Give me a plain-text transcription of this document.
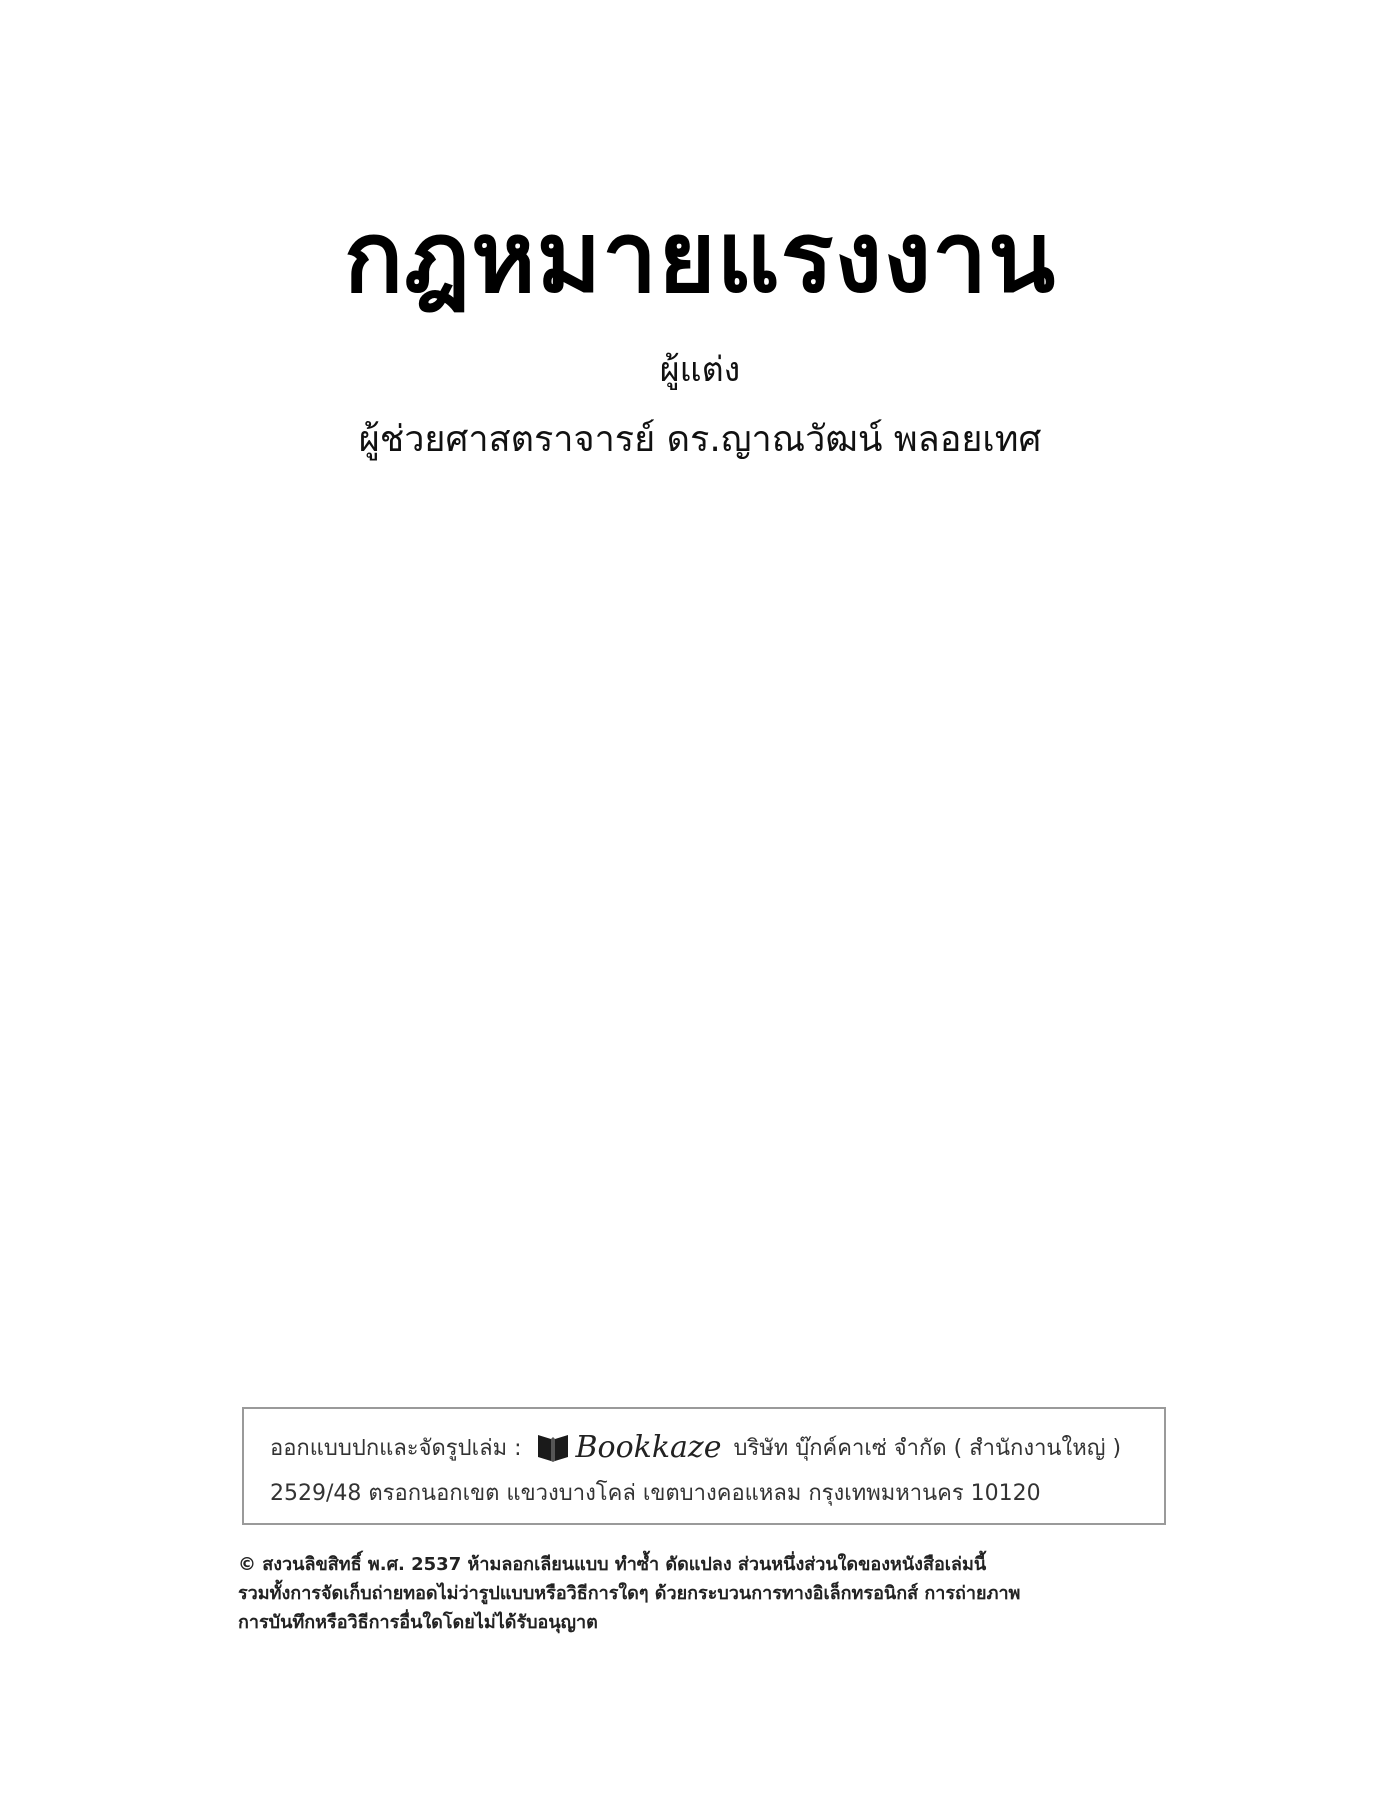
กฎหมายแรงงาน
ผู้แต่ง
ผู้ช่วยศาสตราจารย์ ดร.ญาณวัฒน์ พลอยเทศ
ออกแบบปกและจัดรูปเล่ม : Bookkaze บริษัท บุ๊กค์คาเซ่ จำกัด ( สำนักงานใหญ่ )
2529/48 ตรอกนอกเขต แขวงบางโคล่ เขตบางคอแหลม กรุงเทพมหานคร 10120
© สงวนลิขสิทธิ์ พ.ศ. 2537 ห้ามลอกเลียนแบบ ทำซ้ำ ดัดแปลง ส่วนหนึ่งส่วนใดของหนังสือเล่มนี้
รวมทั้งการจัดเก็บถ่ายทอดไม่ว่ารูปแบบหรือวิธีการใดๆ ด้วยกระบวนการทางอิเล็กทรอนิกส์ การถ่ายภาพ
การบันทึกหรือวิธีการอื่นใดโดยไม่ได้รับอนุญาต
